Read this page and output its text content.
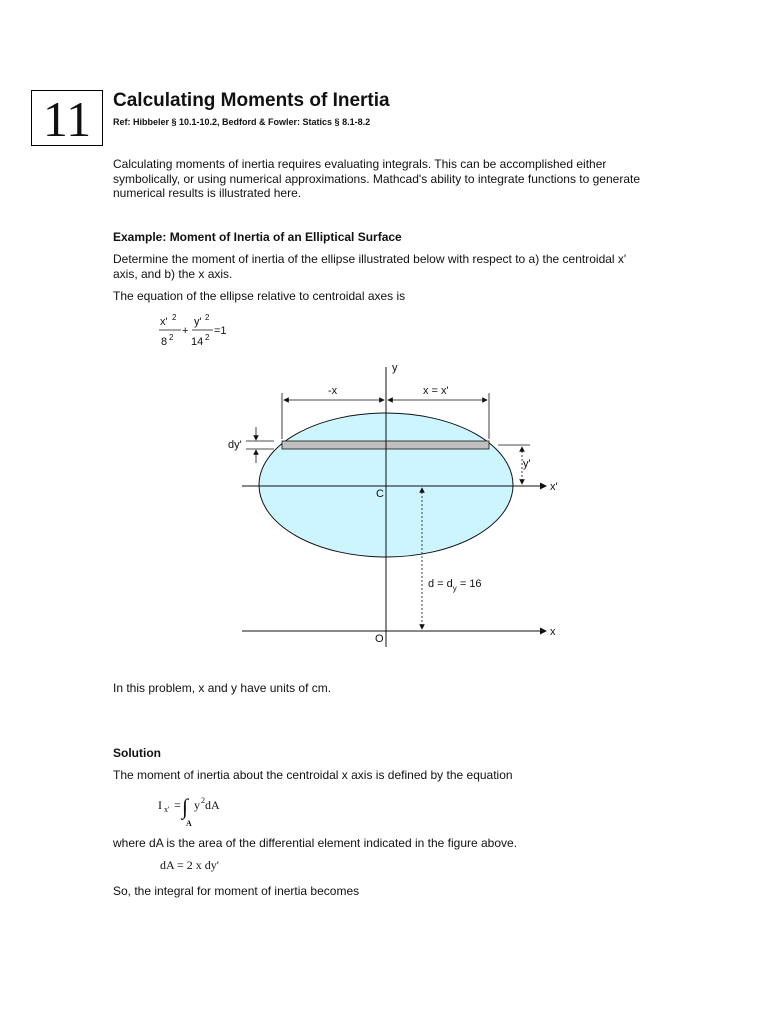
11	Calculating Moments of Inertia
Ref: Hibbeler § 10.1-10.2, Bedford & Fowler: Statics § 8.1-8.2
Calculating moments of inertia requires evaluating integrals. This can be accomplished either
symbolically, or using numerical approximations. Mathcad's ability to integrate functions to generate
numerical results is illustrated here.
Example: Moment of Inertia of an Elliptical Surface
Determine the moment of inertia of the ellipse illustrated below with respect to a) the centroidal x'
axis, and b) the x axis.
The equation of the ellipse relative to centroidal axes is
x' 2
8 2
+
y' 2
14 2
=1
y
-x	x = x'
dy'
y'
x'
C
$d = d_y = 16$
O
x
In this problem, x and y have units of cm.
Solution
The moment of inertia about the centroidal x axis is defined by the equation
I x' = ∫ y 2 dA
A
where dA is the area of the differential element indicated in the figure above.
dA = 2 x dy'
So, the integral for moment of inertia becomes
